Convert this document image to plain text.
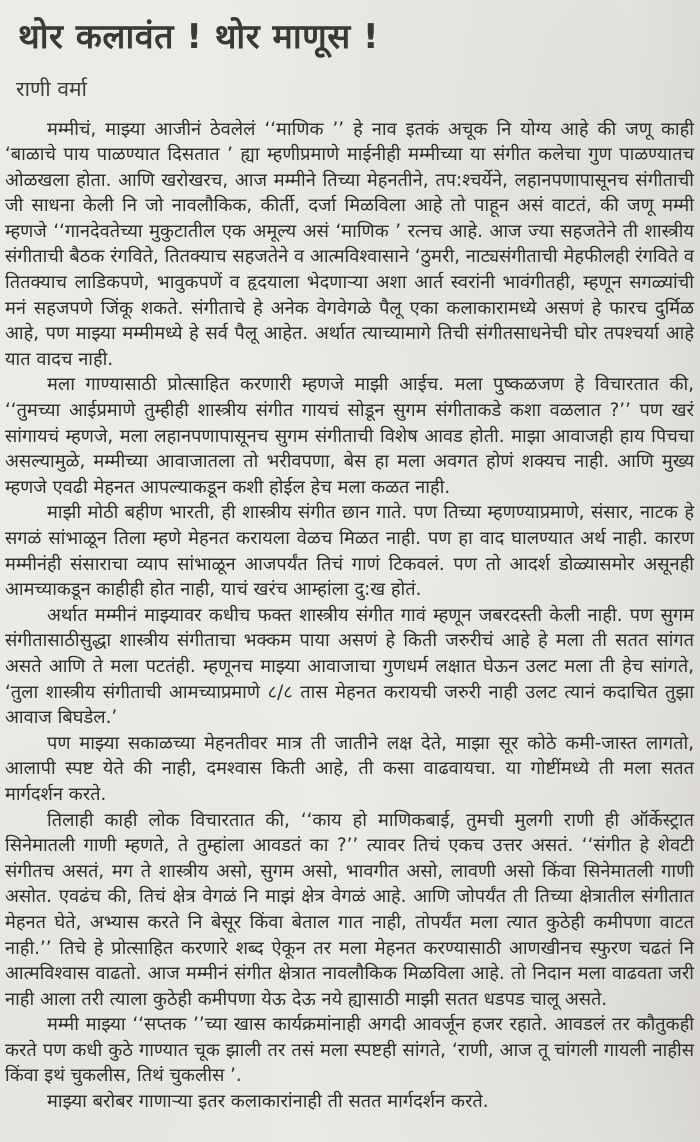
थोर कलावंत ! थोर माणूस !
राणी वर्मा

मम्मीचं, माझ्या आजीनं ठेवलेलं ‘‘माणिक ’’ हे नाव इतकं अचूक नि योग्य आहे की जणू काही ‘बाळाचे पाय पाळण्यात दिसतात ’ ह्या म्हणीप्रमाणे माईनीही मम्मीच्या या संगीत कलेचा गुण पाळण्यातच ओळखला होता. आणि खरोखरच, आज मम्मीने तिच्या मेहनतीने, तप:श्चर्येने, लहानपणापासूनच संगीताची जी साधना केली नि जो नावलौकिक, कीर्ती, दर्जा मिळविला आहे तो पाहून असं वाटतं, की जणू मम्मी म्हणजे ‘‘गानदेवतेच्या मुकुटातील एक अमूल्य असं ‘माणिक ’ रत्नच आहे. आज ज्या सहजतेने ती शास्त्रीय संगीताची बैठक रंगविते, तितक्याच सहजतेने व आत्मविश्वासाने ‘ठुमरी, नाट्यसंगीताची मेहफीलही रंगविते व तितक्याच लाडिकपणे, भावुकपणें व हृदयाला भेदणाऱ्या अशा आर्त स्वरांनी भावंगीतही, म्हणून सगळ्यांची मनं सहजपणे जिंकू शकते. संगीताचे हे अनेक वेगवेगळे पैलू एका कलाकारामध्ये असणं हे फारच दुर्मिळ आहे, पण माझ्या मम्मीमध्ये हे सर्व पैलू आहेत. अर्थात त्याच्यामागे तिची संगीतसाधनेची घोर तपश्चर्या आहे यात वादच नाही.

मला गाण्यासाठी प्रोत्साहित करणारी म्हणजे माझी आईच. मला पुष्कळजण हे विचारतात की, ‘‘तुमच्या आईप्रमाणे तुम्हीही शास्त्रीय संगीत गायचं सोडून सुगम संगीताकडे कशा वळलात ?’’ पण खरं सांगायचं म्हणजे, मला लहानपणापासूनच सुगम संगीताची विशेष आवड होती. माझा आवाजही हाय पिचचा असल्यामुळे, मम्मीच्या आवाजातला तो भरीवपणा, बेस हा मला अवगत होणं शक्यच नाही. आणि मुख्य म्हणजे एवढी मेहनत आपल्याकडून कशी होईल हेच मला कळत नाही.

माझी मोठी बहीण भारती, ही शास्त्रीय संगीत छान गाते. पण तिच्या म्हणण्याप्रमाणे, संसार, नाटक हे सगळं सांभाळून तिला म्हणे मेहनत करायला वेळच मिळत नाही. पण हा वाद घालण्यात अर्थ नाही. कारण मम्मीनंही संसाराचा व्याप सांभाळून आजपर्यंत तिचं गाणं टिकवलं. पण तो आदर्श डोळ्यासमोर असूनही आमच्याकडून काहीही होत नाही, याचं खरंच आम्हांला दु:ख होतं.

अर्थात मम्मीनं माझ्यावर कधीच फक्त शास्त्रीय संगीत गावं म्हणून जबरदस्ती केली नाही. पण सुगम संगीतासाठीसुद्धा शास्त्रीय संगीताचा भक्कम पाया असणं हे किती जरुरीचं आहे हे मला ती सतत सांगत असते आणि ते मला पटतंही. म्हणूनच माझ्या आवाजाचा गुणधर्म लक्षात घेऊन उलट मला ती हेच सांगते, ‘तुला शास्त्रीय संगीताची आमच्याप्रमाणे ८/८ तास मेहनत करायची जरुरी नाही उलट त्यानं कदाचित तुझा आवाज बिघडेल.’

पण माझ्या सकाळच्या मेहनतीवर मात्र ती जातीने लक्ष देते, माझा सूर कोठे कमी-जास्त लागतो, आलापी स्पष्ट येते की नाही, दमश्वास किती आहे, ती कसा वाढवायचा. या गोष्टींमध्ये ती मला सतत मार्गदर्शन करते.

तिलाही काही लोक विचारतात की, ‘‘काय हो माणिकबाई, तुमची मुलगी राणी ही ऑर्केस्ट्रात सिनेमातली गाणी म्हणते, ते तुम्हांला आवडतं का ?’’ त्यावर तिचं एकच उत्तर असतं. ‘‘संगीत हे शेवटी संगीतच असतं, मग ते शास्त्रीय असो, सुगम असो, भावगीत असो, लावणी असो किंवा सिनेमातली गाणी असोत. एवढंच की, तिचं क्षेत्र वेगळं नि माझं क्षेत्र वेगळं आहे. आणि जोपर्यंत ती तिच्या क्षेत्रातील संगीतात मेहनत घेते, अभ्यास करते नि बेसूर किंवा बेताल गात नाही, तोपर्यंत मला त्यात कुठेही कमीपणा वाटत नाही.’’ तिचे हे प्रोत्साहित करणारे शब्द ऐकून तर मला मेहनत करण्यासाठी आणखीनच स्फुरण चढतं नि आत्मविश्वास वाढतो. आज मम्मीनं संगीत क्षेत्रात नावलौकिक मिळविला आहे. तो निदान मला वाढवता जरी नाही आला तरी त्याला कुठेही कमीपणा येऊ देऊ नये ह्यासाठी माझी सतत धडपड चालू असते.

मम्मी माझ्या ‘‘सप्तक ’’च्या खास कार्यक्रमांनाही अगदी आवर्जून हजर रहाते. आवडलं तर कौतुकही करते पण कधी कुठे गाण्यात चूक झाली तर तसं मला स्पष्टही सांगते, ‘राणी, आज तू चांगली गायली नाहीस किंवा इथं चुकलीस, तिथं चुकलीस ’.

माझ्या बरोबर गाणाऱ्या इतर कलाकारांनाही ती सतत मार्गदर्शन करते.
